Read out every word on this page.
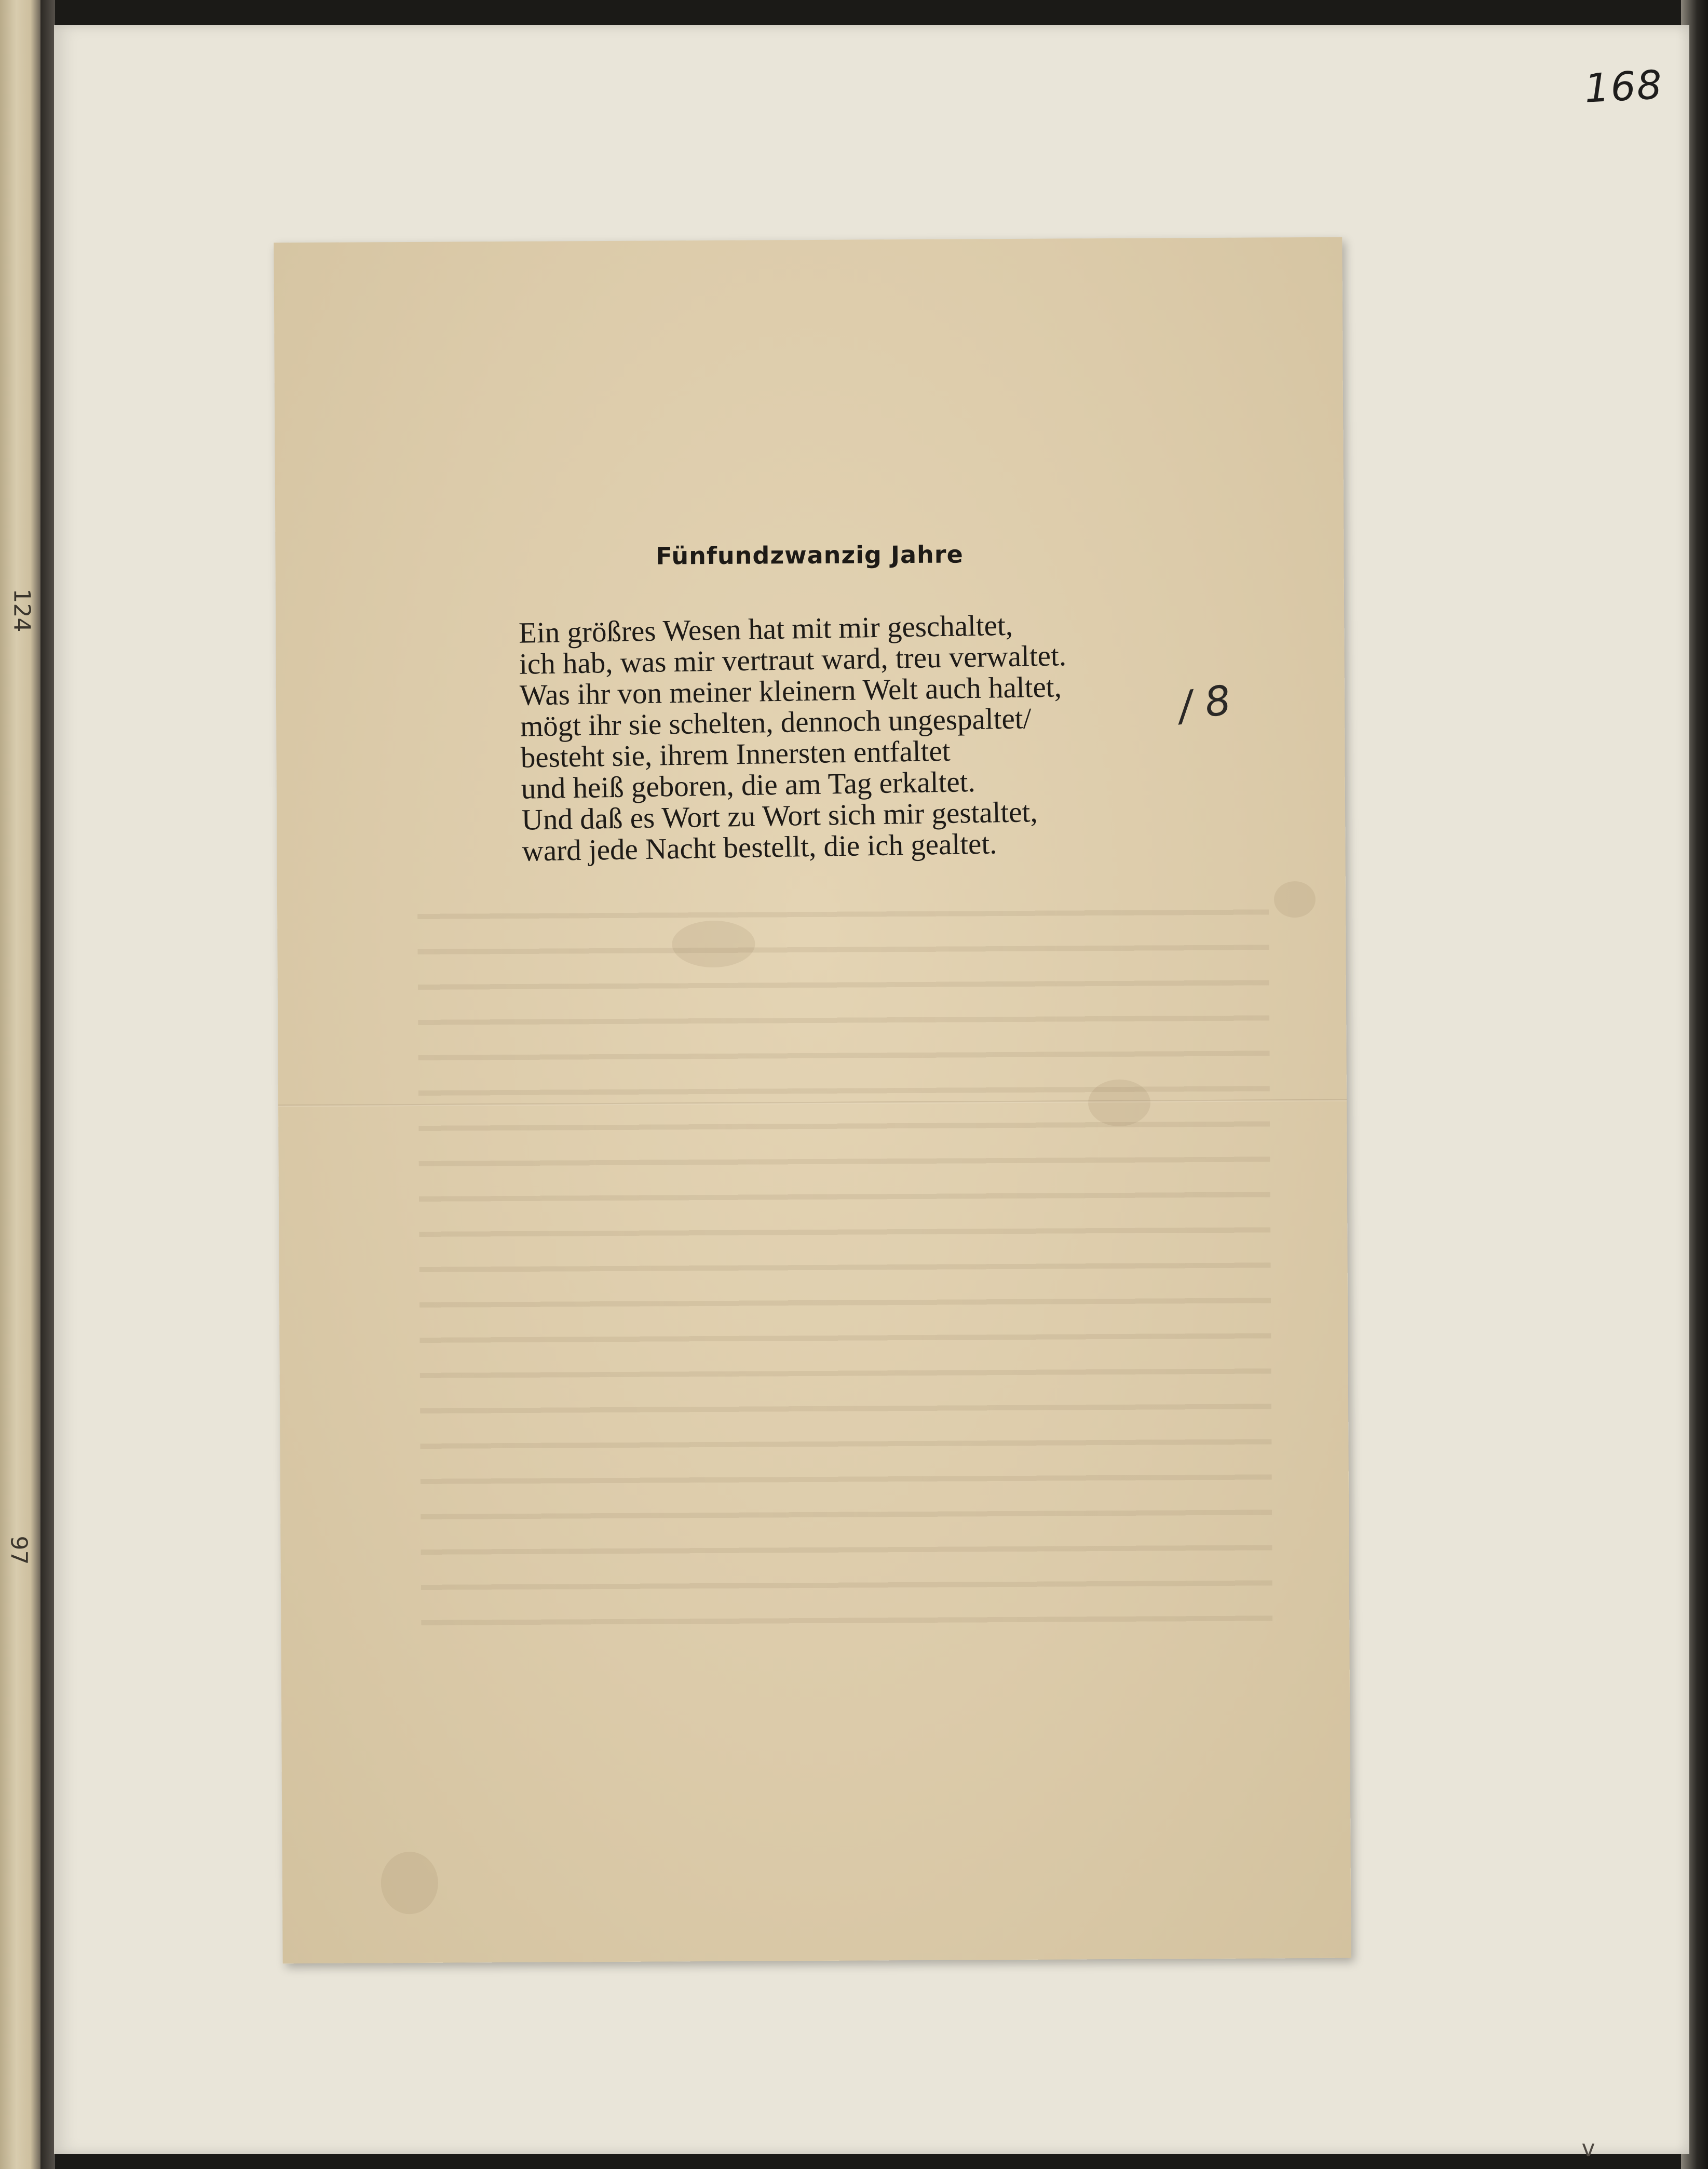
124
97
168
Fünfundzwanzig Jahre
Ein größres Wesen hat mit mir geschaltet,
ich hab, was mir vertraut ward, treu verwaltet.
Was ihr von meiner kleinern Welt auch haltet,
mögt ihr sie schelten, dennoch ungespaltet/
besteht sie, ihrem Innersten entfaltet
und heiß geboren, die am Tag erkaltet.
Und daß es Wort zu Wort sich mir gestaltet,
ward jede Nacht bestellt, die ich gealtet.
v
/ 8
